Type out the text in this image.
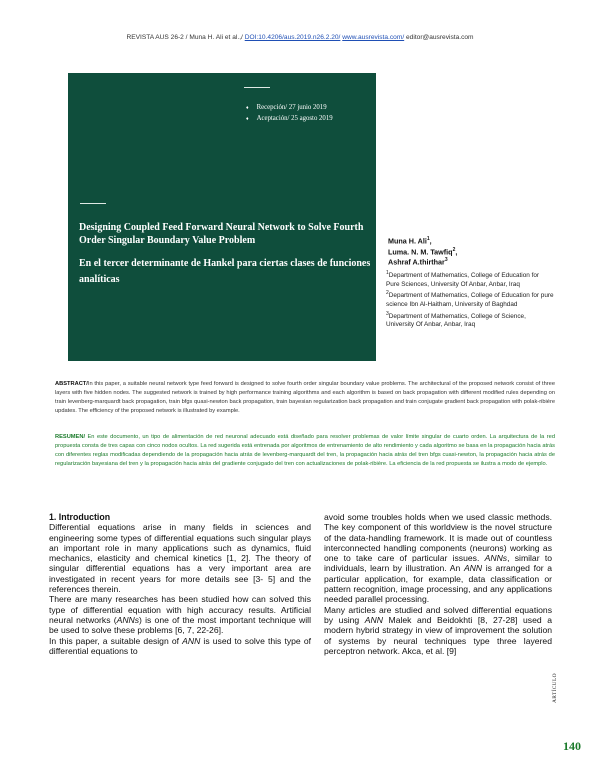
REVISTA AUS 26-2 / Muna H. Ali et al.,/ DOI:10.4206/aus.2019.n26.2.20/ www.ausrevista.com/ editor@ausrevista.com
♦ Recepción/ 27 junio 2019
♦ Aceptación/ 25 agosto 2019
Designing Coupled Feed Forward Neural Network to Solve Fourth Order Singular Boundary Value Problem
En el tercer determinante de Hankel para ciertas clases de funciones analíticas
Muna H. Ali$^1$,
Luma. N. M. Tawfiq$^2$,
Ashraf A.thirthar$^3$
$^1$Department of Mathematics, College of Education for Pure Sciences, University Of Anbar, Anbar, Iraq
$^2$Department of Mathematics, College of Education for pure science Ibn Al-Haitham, University of Baghdad
$^3$Department of Mathematics, College of Science, University Of Anbar, Anbar, Iraq
ABSTRACT/In this paper, a suitable neural network type feed forward is designed to solve fourth order singular boundary value problems. The architectural of the proposed network consist of three layers with five hidden nodes. The suggested network is trained by high performance training algorithms and each algorithm is based on back propagation with different modified rules depending on train levenberg-marquardt back propagation, train bfgs quasi-newton back propagation, train bayesian regularization back propagation and train conjugate gradient back propagation with polak-ribiére updates. The efficiency of the proposed network is illustrated by example.
RESUMEN/ En este documento, un tipo de alimentación de red neuronal adecuado está diseñado para resolver problemas de valor límite singular de cuarto orden. La arquitectura de la red propuesta consta de tres capas con cinco nodos ocultos. La red sugerida está entrenada por algoritmos de entrenamiento de alto rendimiento y cada algoritmo se basa en la propagación hacia atrás con diferentes reglas modificadas dependiendo de la propagación hacia atrás de levenberg-marquardt del tren, la propagación hacia atrás del tren bfgs cuasi-newton, la propagación hacia atrás de regularización bayesiana del tren y la propagación hacia atrás del gradiente conjugado del tren con actualizaciones de polak-ribière. La eficiencia de la red propuesta se ilustra a modo de ejemplo.

1. Introduction

Differential equations arise in many fields in sciences and engineering some types of differential equations such singular plays an important role in many applications such as dynamics, fluid mechanics, elasticity and chemical kinetics [1, 2]. The theory of singular differential equations has a very important area are investigated in recent years for more details see [3- 5] and the references therein.

There are many researches has been studied how can solved this type of differential equation with high accuracy results. Artificial neural networks (ANNs) is one of the most important technique will be used to solve these problems [6, 7, 22-26].

In this paper, a suitable design of ANN is used to solve this type of differential equations to

avoid some troubles holds when we used classic methods. The key component of this worldview is the novel structure of the data-handling framework. It is made out of countless interconnected handling components (neurons) working as one to take care of particular issues. ANNs, similar to individuals, learn by illustration. An ANN is arranged for a particular application, for example, data classification or pattern recognition, image processing, and any applications needed parallel processing.

Many articles are studied and solved differential equations by using ANN Malek and Beidokhti [8, 27-28] used a modern hybrid strategy in view of improvement the solution of systems by neural techniques type three layered perceptron network. Akca, et al. [9]

ARTÍCULO
140
